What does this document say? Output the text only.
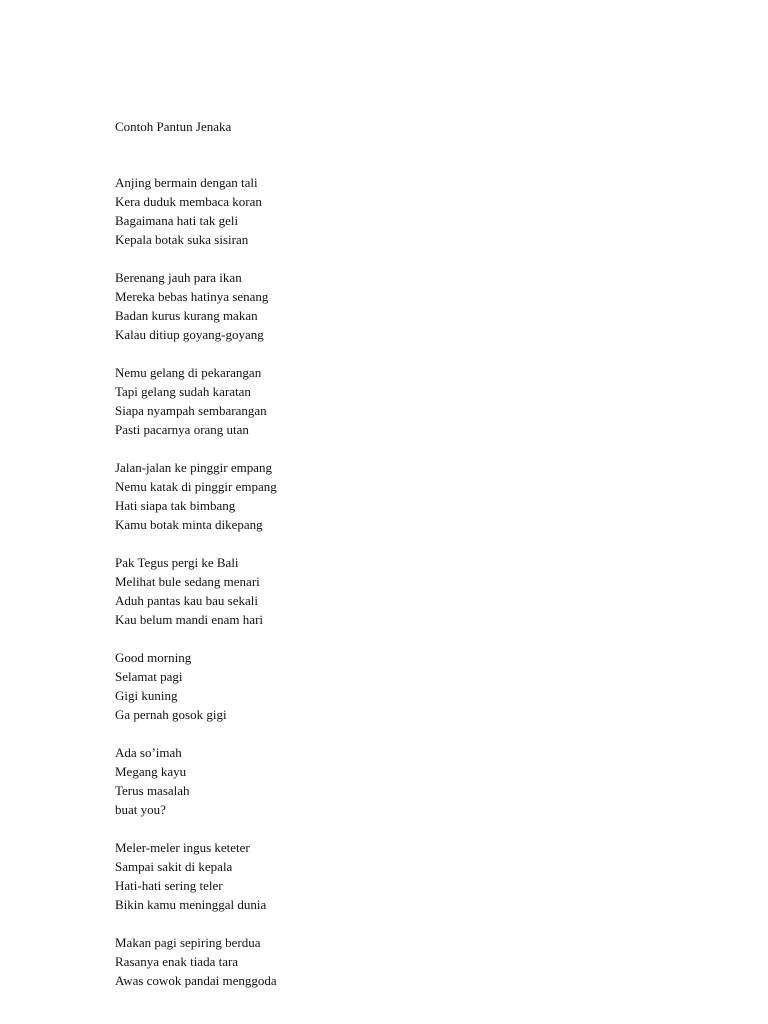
Contoh Pantun Jenaka
Anjing bermain dengan tali
Kera duduk membaca koran
Bagaimana hati tak geli
Kepala botak suka sisiran
Berenang jauh para ikan
Mereka bebas hatinya senang
Badan kurus kurang makan
Kalau ditiup goyang-goyang
Nemu gelang di pekarangan
Tapi gelang sudah karatan
Siapa nyampah sembarangan
Pasti pacarnya orang utan
Jalan-jalan ke pinggir empang
Nemu katak di pinggir empang
Hati siapa tak bimbang
Kamu botak minta dikepang
Pak Tegus pergi ke Bali
Melihat bule sedang menari
Aduh pantas kau bau sekali
Kau belum mandi enam hari
Good morning
Selamat pagi
Gigi kuning
Ga pernah gosok gigi
Ada so’imah
Megang kayu
Terus masalah
buat you?
Meler-meler ingus keteter
Sampai sakit di kepala
Hati-hati sering teler
Bikin kamu meninggal dunia
Makan pagi sepiring berdua
Rasanya enak tiada tara
Awas cowok pandai menggoda
